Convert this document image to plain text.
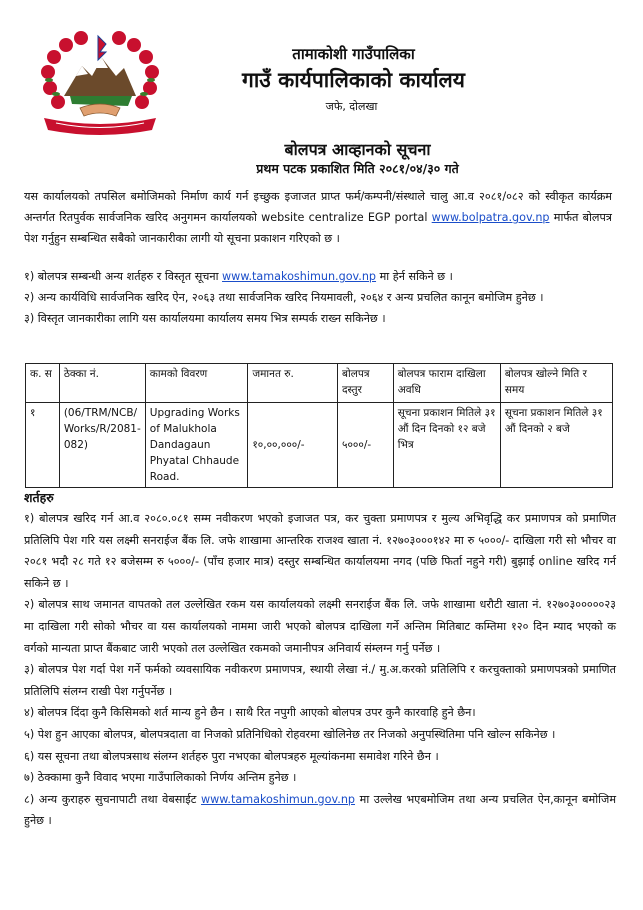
तामाकोशी गाउँपालिका
गाउँ कार्यपालिकाको कार्यालय
जफे, दोलखा
बोलपत्र आव्हानको सूचना
प्रथम पटक प्रकाशित मिति २०८१/०४/३० गते
यस कार्यालयको तपसिल बमोजिमको निर्माण कार्य गर्न इच्छुक इजाजत प्राप्त फर्म/कम्पनी/संस्थाले चालु आ.व २०८१/०८२ को स्वीकृत कार्यक्रम अन्तर्गत रितपुर्वक सार्वजनिक खरिद अनुगमन कार्यालयको website centralize EGP portal www.bolpatra.gov.np मार्फत बोलपत्र पेश गर्नुहुन सम्बन्धित सबैको जानकारीका लागी यो सूचना प्रकाशन गरिएको छ ।

१) बोलपत्र सम्बन्धी अन्य शर्तहरु र विस्तृत सूचना www.tamakoshimun.gov.np मा हेर्न सकिने छ ।

२) अन्य कार्यविधि सार्वजनिक खरिद ऐन, २०६३ तथा सार्वजनिक खरिद नियमावली, २०६४ र अन्य प्रचलित कानून बमोजिम हुनेछ ।

३) विस्तृत जानकारीका लागि यस कार्यालयमा कार्यालय समय भित्र सम्पर्क राख्न सकिनेछ ।

क. स	ठेक्का नं.	कामको विवरण	जमानत रु.	बोलपत्र दस्तुर	बोलपत्र फाराम दाखिला अवधि	बोलपत्र खोल्ने मिति र समय
१	(06/TRM/NCB/ Works/R/2081-082)	Upgrading Works of Malukhola Dandagaun Phyatal Chhaude Road.	१०,००,०००/-	५०००/-	सूचना प्रकाशन मितिले ३१ औं दिन दिनको १२ बजे भित्र	सूचना प्रकाशन मितिले ३१ औं दिनको २ बजे
शर्तहरु

१) बोलपत्र खरिद गर्न आ.व २०८०.०८१ सम्म नवीकरण भएको इजाजत पत्र, कर चुक्ता प्रमाणपत्र र मुल्य अभिवृद्धि कर प्रमाणपत्र को प्रमाणित प्रतिलिपि पेश गरि यस लक्ष्मी सनराईज बैंक लि. जफे शाखामा आन्तरिक राजश्व खाता नं. १२७०३०००१४२ मा रु ५०००/- दाखिला गरी सो भौचर वा २०८१ भदौ २८ गते १२ बजेसम्म रु ५०००/- (पाँच हजार मात्र) दस्तुर सम्बन्धित कार्यालयमा नगद (पछि फिर्ता नहुने गरी) बुझाई online खरिद गर्न सकिने छ ।

२) बोलपत्र साथ जमानत वापतको तल उल्लेखित रकम यस कार्यालयको लक्ष्मी सनराईज बैंक लि. जफे शाखामा धरौटी खाता नं. १२७०३०००००२३ मा दाखिला गरी सोको भौचर वा यस कार्यालयको नाममा जारी भएको बोलपत्र दाखिला गर्ने अन्तिम मितिबाट कम्तिमा १२० दिन म्याद भएको क वर्गको मान्यता प्राप्त बैंकबाट जारी भएको तल उल्लेखित रकमको जमानीपत्र अनिवार्य संम्लग्न गर्नु पर्नेछ ।

३) बोलपत्र पेश गर्दा पेश गर्ने फर्मको व्यवसायिक नवीकरण प्रमाणपत्र, स्थायी लेखा नं./ मु.अ.करको प्रतिलिपि र करचुक्ताको प्रमाणपत्रको प्रमाणित प्रतिलिपि संलग्न राखी पेश गर्नुपर्नेछ ।

४) बोलपत्र दिंदा कुनै किसिमको शर्त मान्य हुने छैन । साथै रित नपुगी आएको बोलपत्र उपर कुनै कारवाहि हुने छैन।

५) पेश हुन आएका बोलपत्र, बोलपत्रदाता वा निजको प्रतिनिधिको रोहवरमा खोलिनेछ तर निजको अनुपस्थितिमा पनि खोल्न सकिनेछ ।

६) यस सूचना तथा बोलपत्रसाथ संलग्न शर्तहरु पुरा नभएका बोलपत्रहरु मूल्यांकनमा समावेश गरिने छैन ।

७) ठेक्कामा कुनै विवाद भएमा गाउँपालिकाको निर्णय अन्तिम हुनेछ ।

८) अन्य कुराहरु सुचनापाटी तथा वेबसाईट www.tamakoshimun.gov.np मा उल्लेख भएबमोजिम तथा अन्य प्रचलित ऐन,कानून बमोजिम हुनेछ ।
